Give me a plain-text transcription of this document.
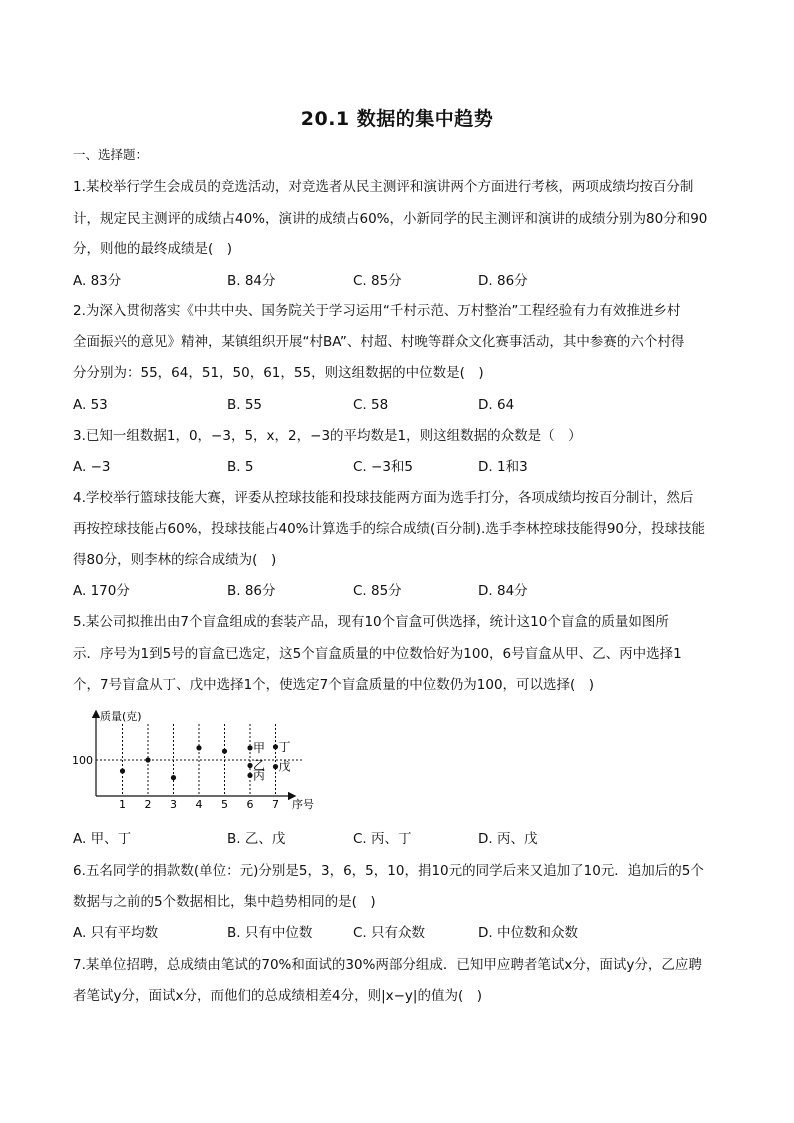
20.1 数据的集中趋势
一、选择题：
1.某校举行学生会成员的竞选活动，对竞选者从民主测评和演讲两个方面进行考核，两项成绩均按百分制
计，规定民主测评的成绩占40%，演讲的成绩占60%，小新同学的民主测评和演讲的成绩分别为80分和90
分，则他的最终成绩是(　)
A. 83分	B. 84分	C. 85分	D. 86分
2.为深入贯彻落实《中共中央、国务院关于学习运用“千村示范、万村整治”工程经验有力有效推进乡村
全面振兴的意见》精神，某镇组织开展“村BA”、村超、村晚等群众文化赛事活动，其中参赛的六个村得
分分别为：55，64，51，50，61，55，则这组数据的中位数是(　)
A. 53	B. 55	C. 58	D. 64
3.已知一组数据1，0，−3，5，x，2，−3的平均数是1，则这组数据的众数是（　）
A. −3	B. 5	C. −3和5	D. 1和3
4.学校举行篮球技能大赛，评委从控球技能和投球技能两方面为选手打分，各项成绩均按百分制计，然后
再按控球技能占60%，投球技能占40%计算选手的综合成绩(百分制).选手李林控球技能得90分，投球技能
得80分，则李林的综合成绩为(　)
A. 170分	B. 86分	C. 85分	D. 84分
5.某公司拟推出由7个盲盒组成的套装产品，现有10个盲盒可供选择，统计这10个盲盒的质量如图所
示．序号为1到5号的盲盒已选定，这5个盲盒质量的中位数恰好为100，6号盲盒从甲、乙、丙中选择1
个，7号盲盒从丁、戊中选择1个，使选定7个盲盒质量的中位数仍为100，可以选择(　)
质量(克)
序号
100
1 2 3 4 5 6 7
甲
乙
丙
丁
戊
A. 甲、丁	B. 乙、戊	C. 丙、丁	D. 丙、戊
6.五名同学的捐款数(单位：元)分别是5，3，6，5，10，捐10元的同学后来又追加了10元．追加后的5个
数据与之前的5个数据相比，集中趋势相同的是(　)
A. 只有平均数	B. 只有中位数	C. 只有众数	D. 中位数和众数
7.某单位招聘，总成绩由笔试的70%和面试的30%两部分组成．已知甲应聘者笔试x分，面试y分，乙应聘
者笔试y分，面试x分，而他们的总成绩相差4分，则|x−y|的值为(　)
